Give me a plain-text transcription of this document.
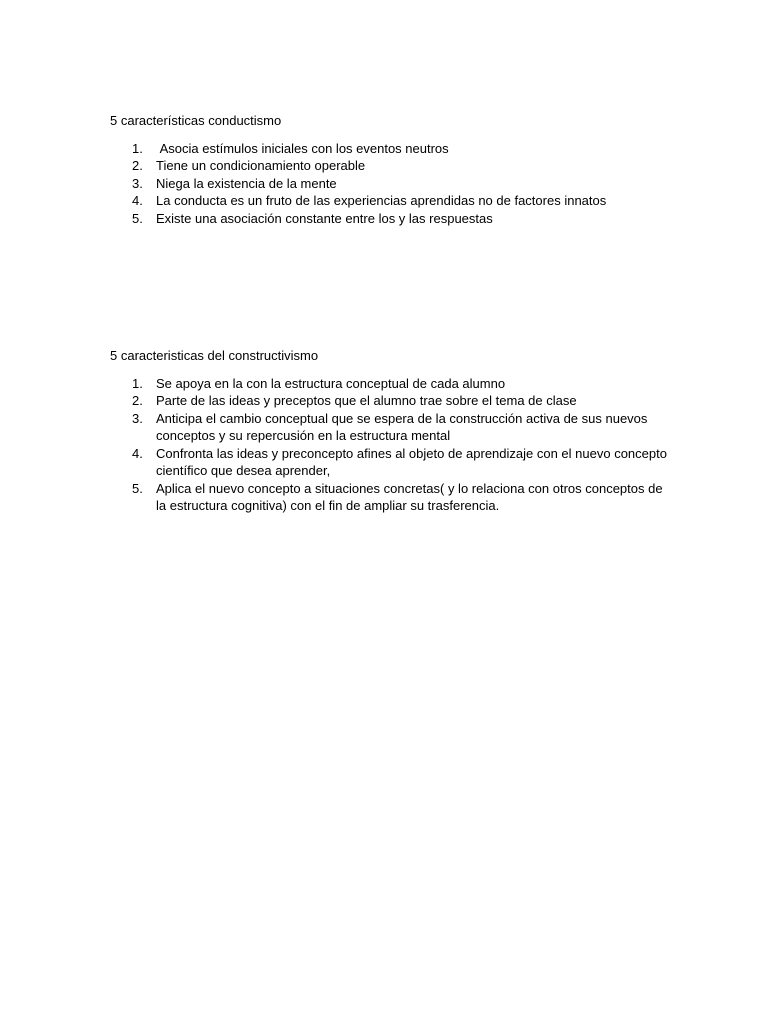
5 características conductismo

1. Asocia estímulos iniciales con los eventos neutros
2. Tiene un condicionamiento operable
3. Niega la existencia de la mente
4. La conducta es un fruto de las experiencias aprendidas no de factores innatos
5. Existe una asociación constante entre los y las respuestas

5 caracteristicas del constructivismo

1. Se apoya en la con la estructura conceptual de cada alumno
2. Parte de las ideas y preceptos que el alumno trae sobre el tema de clase
3. Anticipa el cambio conceptual que se espera de la construcción activa de sus nuevos conceptos y su repercusión en la estructura mental
4. Confronta las ideas y preconcepto afines al objeto de aprendizaje con el nuevo concepto científico que desea aprender,
5. Aplica el nuevo concepto a situaciones concretas( y lo relaciona con otros conceptos de la estructura cognitiva) con el fin de ampliar su trasferencia.
